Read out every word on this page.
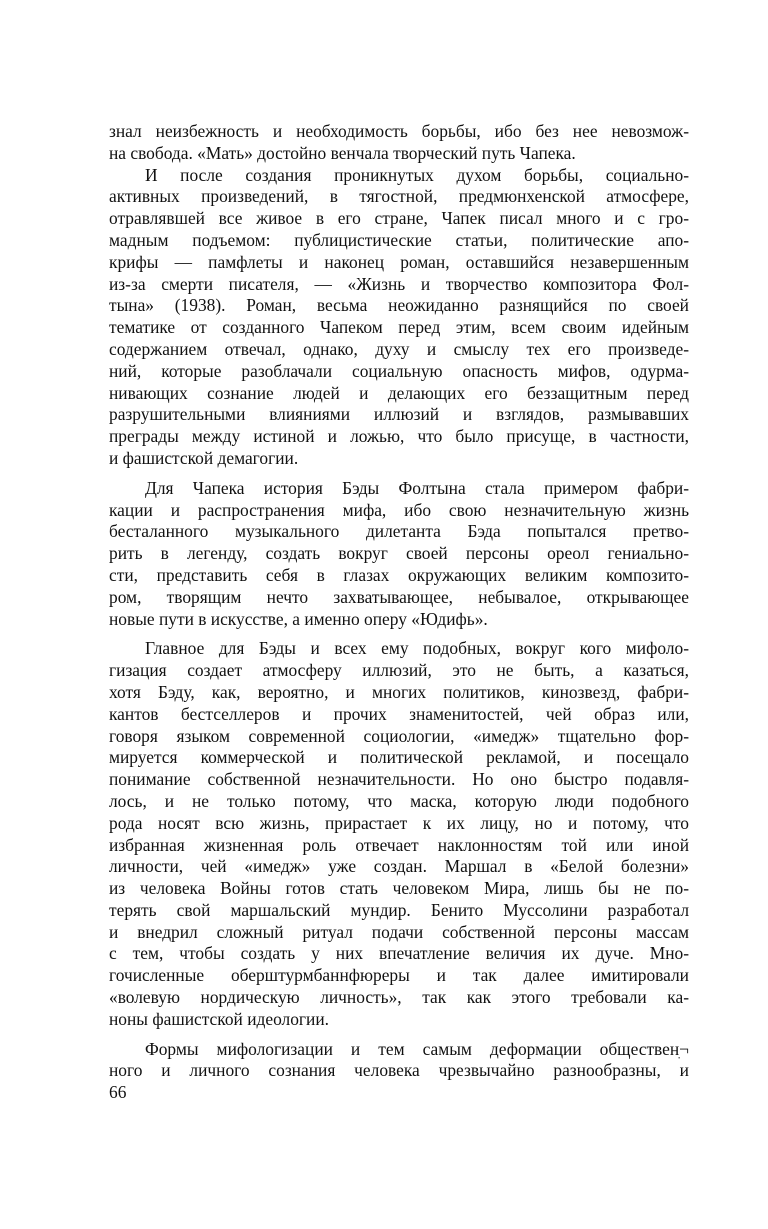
знал неизбежность и необходимость борьбы, ибо без нее невозмож-
на свобода. «Мать» достойно венчала творческий путь Чапека.
И после создания проникнутых духом борьбы, социально-
активных произведений, в тягостной, предмюнхенской атмосфере,
отравлявшей все живое в его стране, Чапек писал много и с гро-
мадным подъемом: публицистические статьи, политические апо-
крифы — памфлеты и наконец роман, оставшийся незавершенным
из-за смерти писателя, — «Жизнь и творчество композитора Фол-
тына» (1938). Роман, весьма неожиданно разнящийся по своей
тематике от созданного Чапеком перед этим, всем своим идейным
содержанием отвечал, однако, духу и смыслу тех его произведе-
ний, которые разоблачали социальную опасность мифов, одурма-
нивающих сознание людей и делающих его беззащитным перед
разрушительными влияниями иллюзий и взглядов, размывавших
преграды между истиной и ложью, что было присуще, в частности,
и фашистской демагогии.
Для Чапека история Бэды Фолтына стала примером фабри-
кации и распространения мифа, ибо свою незначительную жизнь
бесталанного музыкального дилетанта Бэда попытался претво-
рить в легенду, создать вокруг своей персоны ореол гениально-
сти, представить себя в глазах окружающих великим композито-
ром, творящим нечто захватывающее, небывалое, открывающее
новые пути в искусстве, а именно оперу «Юдифь».
Главное для Бэды и всех ему подобных, вокруг кого мифоло-
гизация создает атмосферу иллюзий, это не быть, а казаться,
хотя Бэду, как, вероятно, и многих политиков, кинозвезд, фабри-
кантов бестселлеров и прочих знаменитостей, чей образ или,
говоря языком современной социологии, «имедж» тщательно фор-
мируется коммерческой и политической рекламой, и посещало
понимание собственной незначительности. Но оно быстро подавля-
лось, и не только потому, что маска, которую люди подобного
рода носят всю жизнь, прирастает к их лицу, но и потому, что
избранная жизненная роль отвечает наклонностям той или иной
личности, чей «имедж» уже создан. Маршал в «Белой болезни»
из человека Войны готов стать человеком Мира, лишь бы не по-
терять свой маршальский мундир. Бенито Муссолини разработал
и внедрил сложный ритуал подачи собственной персоны массам
с тем, чтобы создать у них впечатление величия их дуче. Мно-
гочисленные оберштурмбаннфюреры и так далее имитировали
«волевую нордическую личность», так как этого требовали ка-
ноны фашистской идеологии.
Формы мифологизации и тем самым деформации общественׅ¬
ного и личного сознания человека чрезвычайно разнообразны, и
66
